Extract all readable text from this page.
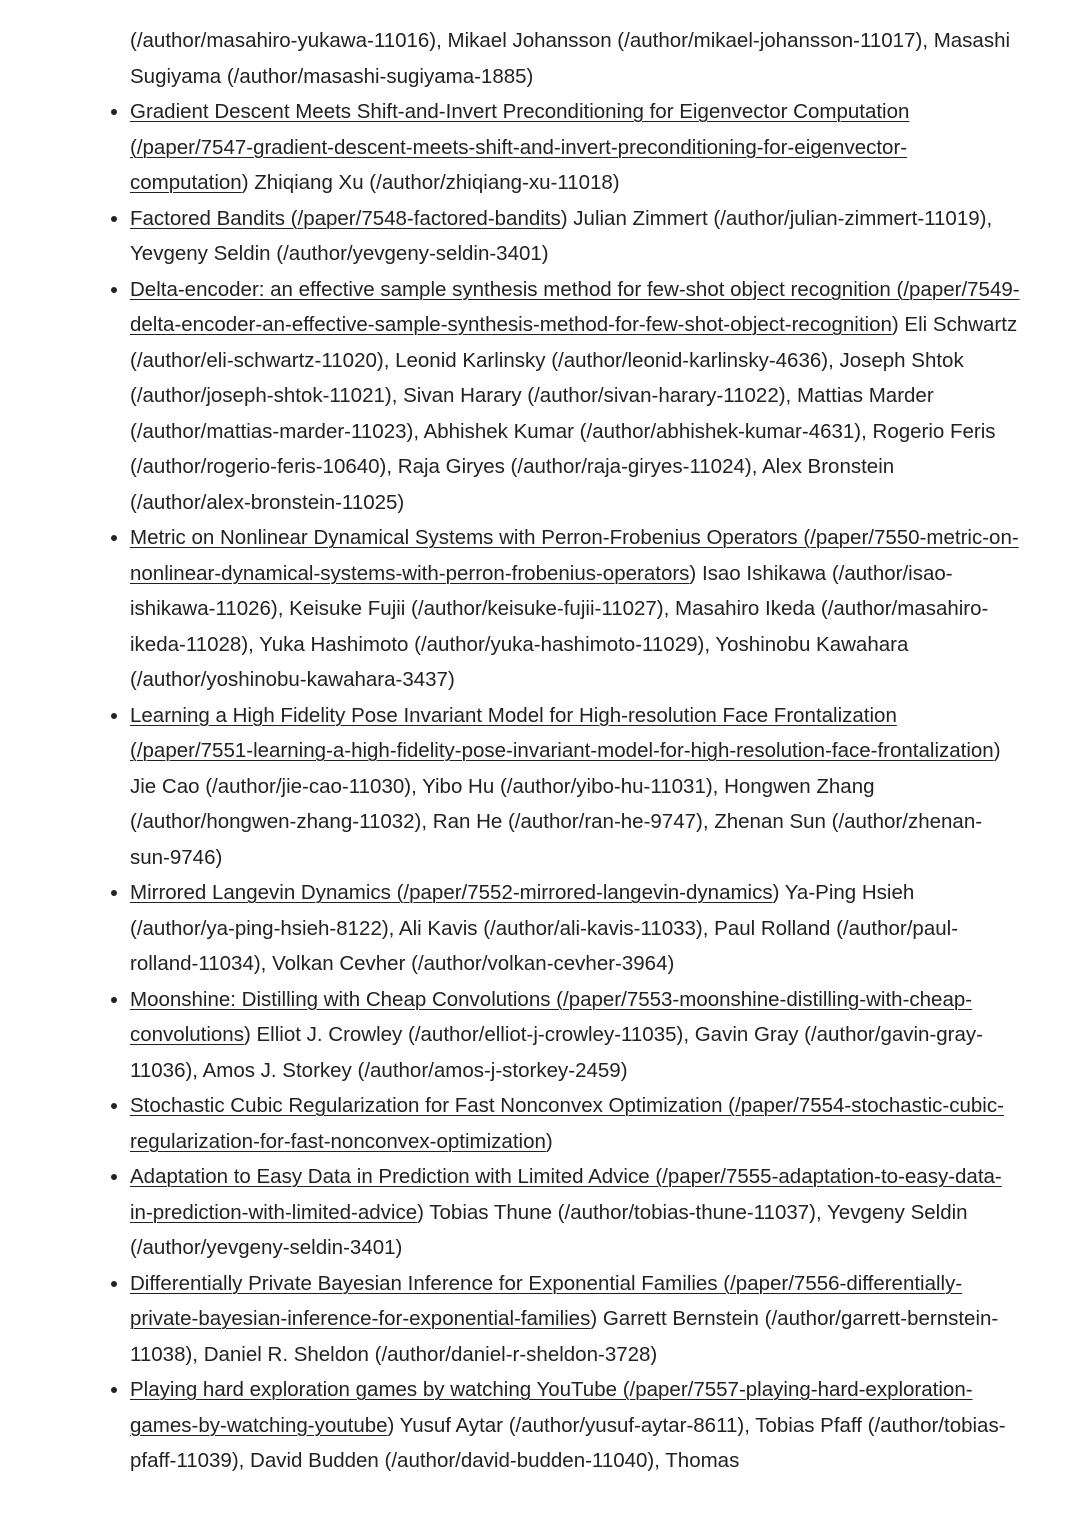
(/author/masahiro-yukawa-11016), Mikael Johansson (/author/mikael-johansson-11017), Masashi Sugiyama (/author/masashi-sugiyama-1885)

Gradient Descent Meets Shift-and-Invert Preconditioning for Eigenvector Computation (/paper/7547-gradient-descent-meets-shift-and-invert-preconditioning-for-eigenvector-computation) Zhiqiang Xu (/author/zhiqiang-xu-11018)
Factored Bandits (/paper/7548-factored-bandits) Julian Zimmert (/author/julian-zimmert-11019), Yevgeny Seldin (/author/yevgeny-seldin-3401)
Delta-encoder: an effective sample synthesis method for few-shot object recognition (/paper/7549-delta-encoder-an-effective-sample-synthesis-method-for-few-shot-object-recognition) Eli Schwartz (/author/eli-schwartz-11020), Leonid Karlinsky (/author/leonid-karlinsky-4636), Joseph Shtok (/author/joseph-shtok-11021), Sivan Harary (/author/sivan-harary-11022), Mattias Marder (/author/mattias-marder-11023), Abhishek Kumar (/author/abhishek-kumar-4631), Rogerio Feris (/author/rogerio-feris-10640), Raja Giryes (/author/raja-giryes-11024), Alex Bronstein (/author/alex-bronstein-11025)
Metric on Nonlinear Dynamical Systems with Perron-Frobenius Operators (/paper/7550-metric-on-nonlinear-dynamical-systems-with-perron-frobenius-operators) Isao Ishikawa (/author/isao-ishikawa-11026), Keisuke Fujii (/author/keisuke-fujii-11027), Masahiro Ikeda (/author/masahiro-ikeda-11028), Yuka Hashimoto (/author/yuka-hashimoto-11029), Yoshinobu Kawahara (/author/yoshinobu-kawahara-3437)
Learning a High Fidelity Pose Invariant Model for High-resolution Face Frontalization (/paper/7551-learning-a-high-fidelity-pose-invariant-model-for-high-resolution-face-frontalization) Jie Cao (/author/jie-cao-11030), Yibo Hu (/author/yibo-hu-11031), Hongwen Zhang (/author/hongwen-zhang-11032), Ran He (/author/ran-he-9747), Zhenan Sun (/author/zhenan-sun-9746)
Mirrored Langevin Dynamics (/paper/7552-mirrored-langevin-dynamics) Ya-Ping Hsieh (/author/ya-ping-hsieh-8122), Ali Kavis (/author/ali-kavis-11033), Paul Rolland (/author/paul-rolland-11034), Volkan Cevher (/author/volkan-cevher-3964)
Moonshine: Distilling with Cheap Convolutions (/paper/7553-moonshine-distilling-with-cheap-convolutions) Elliot J. Crowley (/author/elliot-j-crowley-11035), Gavin Gray (/author/gavin-gray-11036), Amos J. Storkey (/author/amos-j-storkey-2459)
Stochastic Cubic Regularization for Fast Nonconvex Optimization (/paper/7554-stochastic-cubic-regularization-for-fast-nonconvex-optimization)
Adaptation to Easy Data in Prediction with Limited Advice (/paper/7555-adaptation-to-easy-data-in-prediction-with-limited-advice) Tobias Thune (/author/tobias-thune-11037), Yevgeny Seldin (/author/yevgeny-seldin-3401)
Differentially Private Bayesian Inference for Exponential Families (/paper/7556-differentially-private-bayesian-inference-for-exponential-families) Garrett Bernstein (/author/garrett-bernstein-11038), Daniel R. Sheldon (/author/daniel-r-sheldon-3728)
Playing hard exploration games by watching YouTube (/paper/7557-playing-hard-exploration-games-by-watching-youtube) Yusuf Aytar (/author/yusuf-aytar-8611), Tobias Pfaff (/author/tobias-pfaff-11039), David Budden (/author/david-budden-11040), Thomas
